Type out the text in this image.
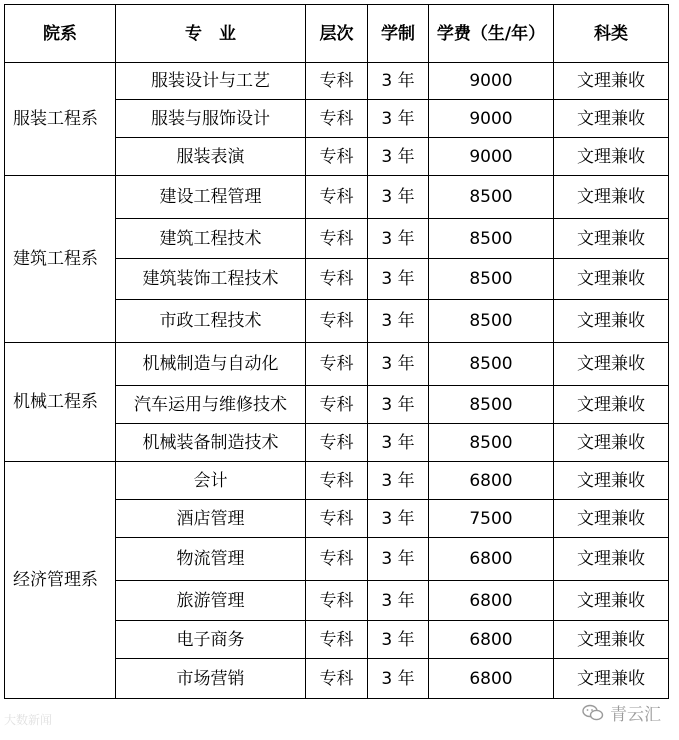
院系	专　业	层次	学制	学费（生/年）	科类
服装工程系	服装设计与工艺	专科	3 年	9000	文理兼收
	服装与服饰设计	专科	3 年	9000	文理兼收
	服装表演	专科	3 年	9000	文理兼收
建筑工程系	建设工程管理	专科	3 年	8500	文理兼收
	建筑工程技术	专科	3 年	8500	文理兼收
	建筑装饰工程技术	专科	3 年	8500	文理兼收
	市政工程技术	专科	3 年	8500	文理兼收
机械工程系	机械制造与自动化	专科	3 年	8500	文理兼收
	汽车运用与维修技术	专科	3 年	8500	文理兼收
	机械装备制造技术	专科	3 年	8500	文理兼收
经济管理系	会计	专科	3 年	6800	文理兼收
	酒店管理	专科	3 年	7500	文理兼收
	物流管理	专科	3 年	6800	文理兼收
	旅游管理	专科	3 年	6800	文理兼收
	电子商务	专科	3 年	6800	文理兼收
	市场营销	专科	3 年	6800	文理兼收
大数新闻	青云汇
